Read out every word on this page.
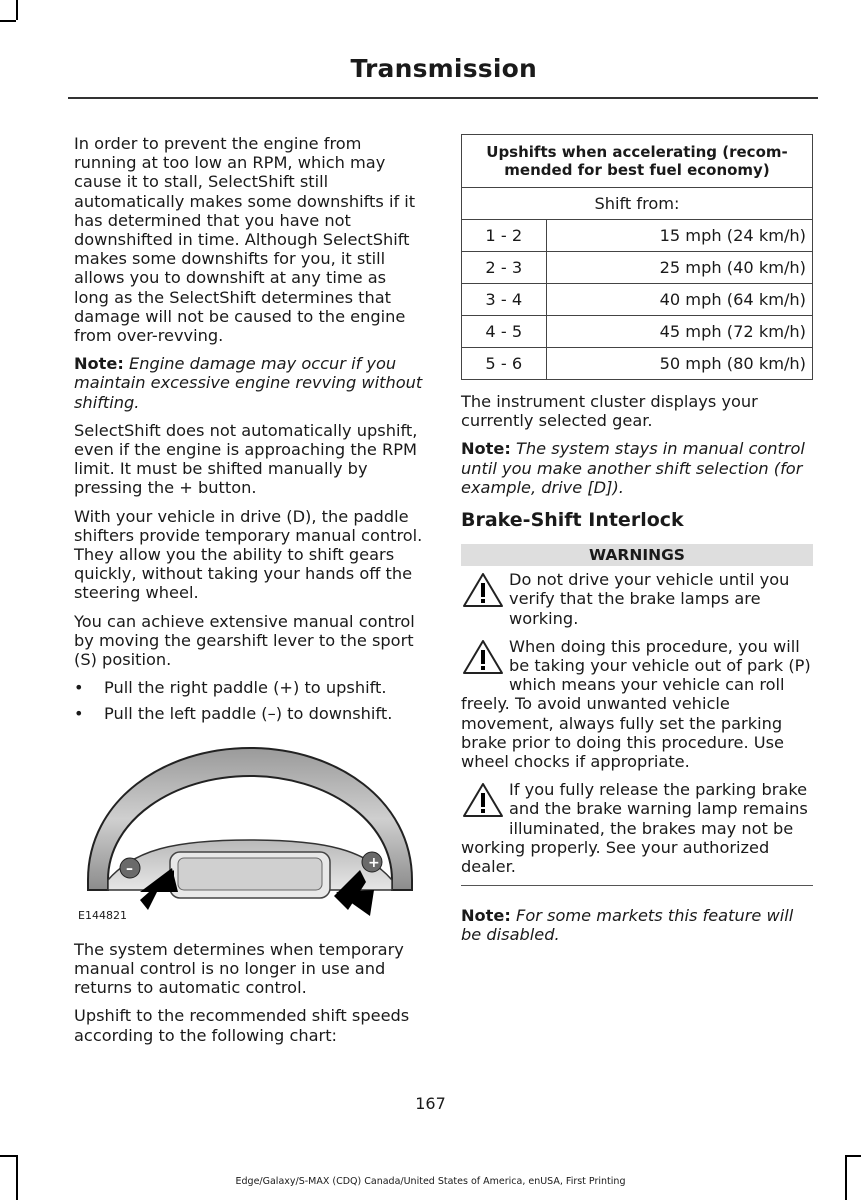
Transmission

In order to prevent the engine from running at too low an RPM, which may cause it to stall, SelectShift still automatically makes some downshifts if it has determined that you have not downshifted in time. Although SelectShift makes some downshifts for you, it still allows you to downshift at any time as long as the SelectShift determines that damage will not be caused to the engine from over-revving.

Note: Engine damage may occur if you maintain excessive engine revving without shifting.

SelectShift does not automatically upshift, even if the engine is approaching the RPM limit. It must be shifted manually by pressing the + button.

With your vehicle in drive (D), the paddle shifters provide temporary manual control. They allow you the ability to shift gears quickly, without taking your hands off the steering wheel.

You can achieve extensive manual control by moving the gearshift lever to the sport (S) position.

• Pull the right paddle (+) to upshift.
• Pull the left paddle (–) to downshift.
–	+
E144821

The system determines when temporary manual control is no longer in use and returns to automatic control.

Upshift to the recommended shift speeds according to the following chart:

Upshifts when accelerating (recom-mended for best fuel economy)	
Shift from:	
1 - 2	15 mph (24 km/h)
2 - 3	25 mph (40 km/h)
3 - 4	40 mph (64 km/h)
4 - 5	45 mph (72 km/h)
5 - 6	50 mph (80 km/h)

The instrument cluster displays your currently selected gear.

Note: The system stays in manual control until you make another shift selection (for example, drive [D]).

Brake-Shift Interlock
WARNINGS
Do not drive your vehicle until you verify that the brake lamps are working.
When doing this procedure, you will be taking your vehicle out of park (P) which means your vehicle can roll freely. To avoid unwanted vehicle movement, always fully set the parking brake prior to doing this procedure. Use wheel chocks if appropriate.
If you fully release the parking brake and the brake warning lamp remains illuminated, the brakes may not be working properly. See your authorized dealer.

Note: For some markets this feature will be disabled.

167
Edge/Galaxy/S-MAX (CDQ) Canada/United States of America, enUSA, First Printing
